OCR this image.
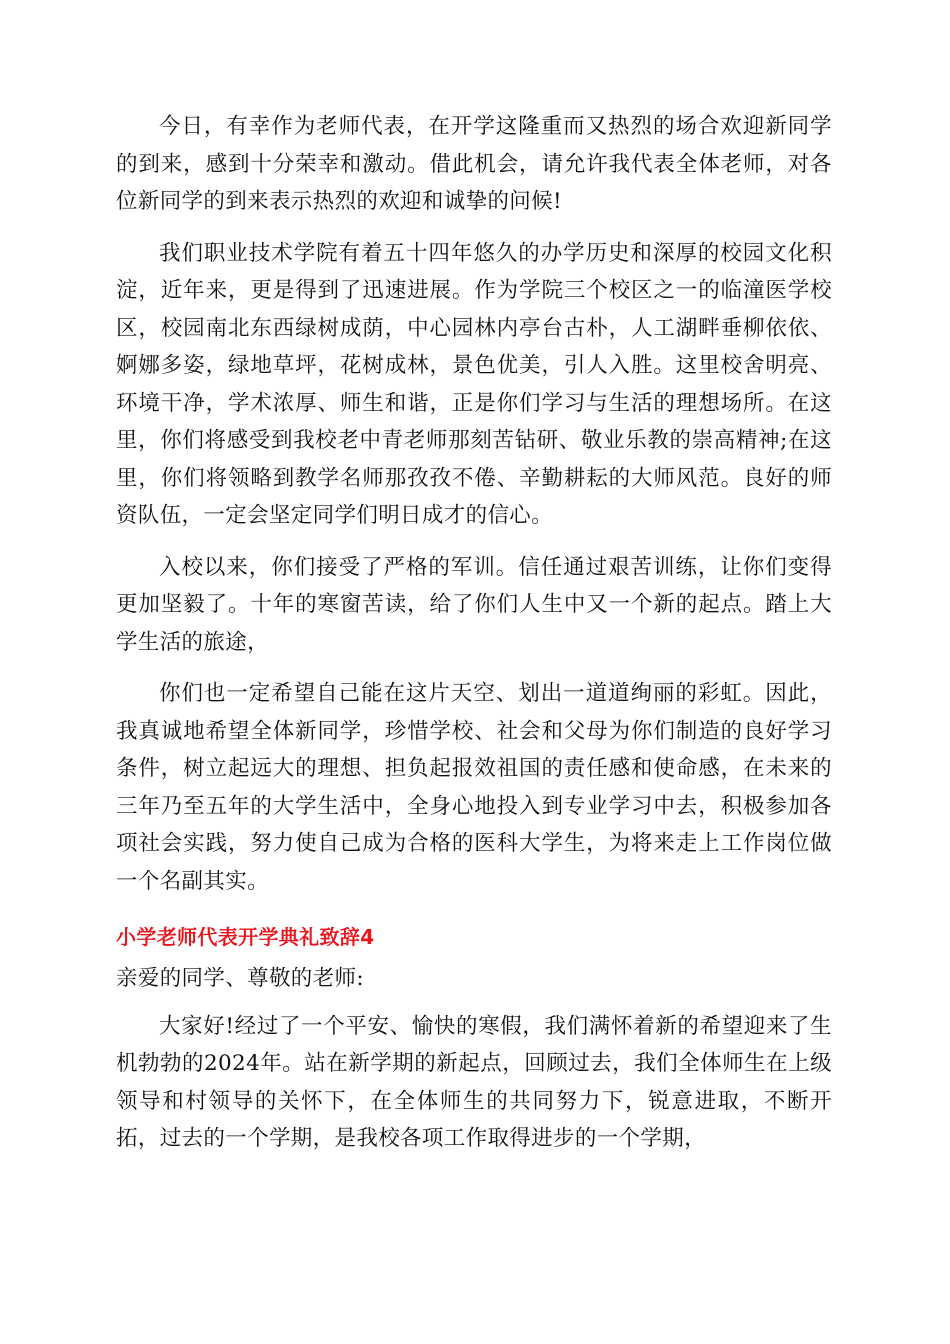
今日，有幸作为老师代表，在开学这隆重而又热烈的场合欢迎新同学的到来，感到十分荣幸和激动。借此机会，请允许我代表全体老师，对各位新同学的到来表示热烈的欢迎和诚挚的问候!

我们职业技术学院有着五十四年悠久的办学历史和深厚的校园文化积淀，近年来，更是得到了迅速进展。作为学院三个校区之一的临潼医学校区，校园南北东西绿树成荫，中心园林内亭台古朴，人工湖畔垂柳依依、婀娜多姿，绿地草坪，花树成林，景色优美，引人入胜。这里校舍明亮、环境干净，学术浓厚、师生和谐，正是你们学习与生活的理想场所。在这里，你们将感受到我校老中青老师那刻苦钻研、敬业乐教的崇高精神;在这里，你们将领略到教学名师那孜孜不倦、辛勤耕耘的大师风范。良好的师资队伍，一定会坚定同学们明日成才的信心。

入校以来，你们接受了严格的军训。信任通过艰苦训练，让你们变得更加坚毅了。十年的寒窗苦读，给了你们人生中又一个新的起点。踏上大学生活的旅途，

你们也一定希望自己能在这片天空、划出一道道绚丽的彩虹。因此，我真诚地希望全体新同学，珍惜学校、社会和父母为你们制造的良好学习条件，树立起远大的理想、担负起报效祖国的责任感和使命感，在未来的三年乃至五年的大学生活中，全身心地投入到专业学习中去，积极参加各项社会实践，努力使自己成为合格的医科大学生，为将来走上工作岗位做一个名副其实。

小学老师代表开学典礼致辞4

亲爱的同学、尊敬的老师:

大家好!经过了一个平安、愉快的寒假，我们满怀着新的希望迎来了生机勃勃的2024年。站在新学期的新起点，回顾过去，我们全体师生在上级领导和村领导的关怀下，在全体师生的共同努力下，锐意进取，不断开拓，过去的一个学期，是我校各项工作取得进步的一个学期，
